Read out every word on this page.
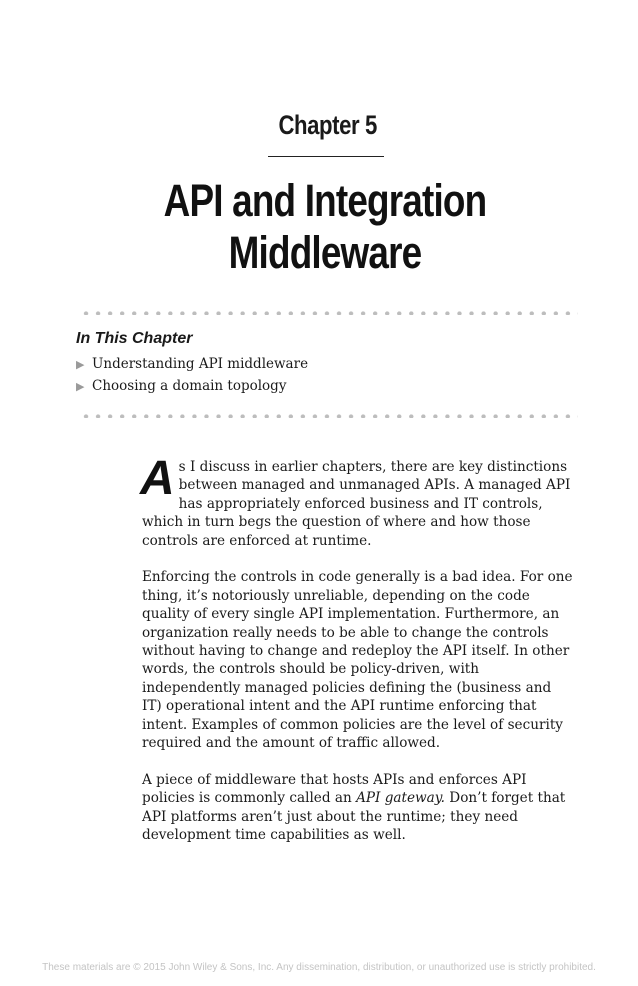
Chapter 5
API and Integration
Middleware
In This Chapter
▶ Understanding API middleware
▶ Choosing a domain topology

As I discuss in earlier chapters, there are key distinctions between managed and unmanaged APIs. A managed API has appropriately enforced business and IT controls, which in turn begs the question of where and how those controls are enforced at runtime.

Enforcing the controls in code generally is a bad idea. For one thing, it’s notoriously unreliable, depending on the code quality of every single API implementation. Furthermore, an organization really needs to be able to change the controls without having to change and redeploy the API itself. In other words, the controls should be policy-driven, with independently managed policies defining the (business and IT) operational intent and the API runtime enforcing that intent. Examples of common policies are the level of security required and the amount of traffic allowed.

A piece of middleware that hosts APIs and enforces API policies is commonly called an API gateway. Don’t forget that API platforms aren’t just about the runtime; they need development time capabilities as well.

These materials are © 2015 John Wiley & Sons, Inc. Any dissemination, distribution, or unauthorized use is strictly prohibited.
